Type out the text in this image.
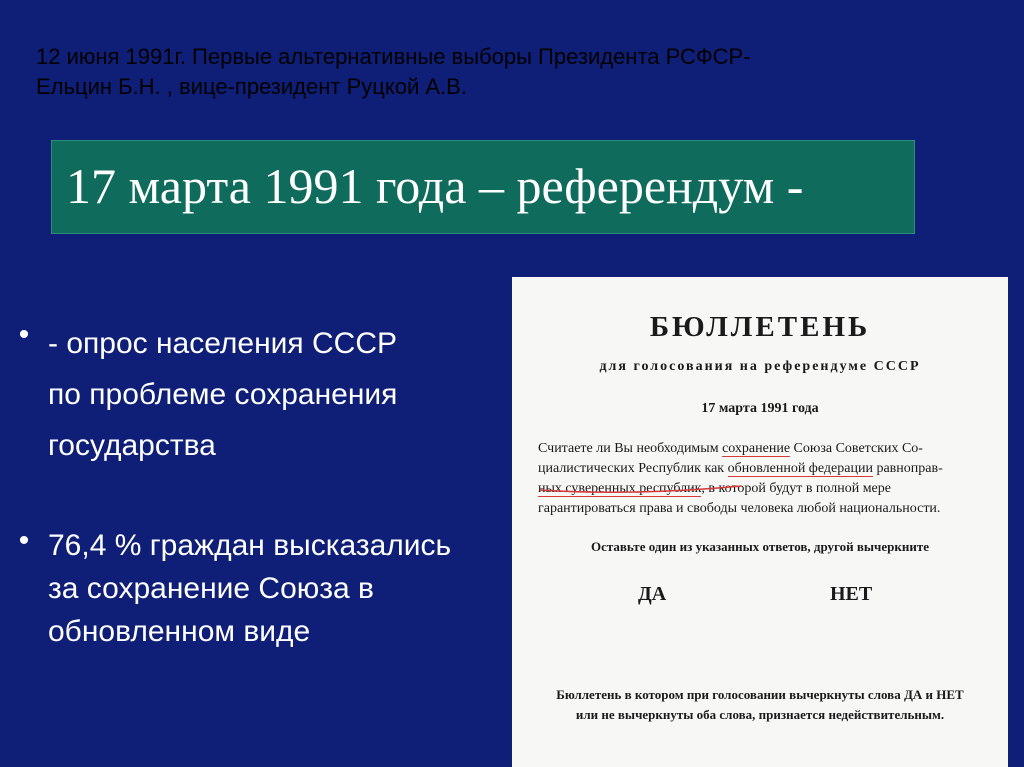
12 июня 1991г. Первые альтернативные выборы Президента РСФСР-
Ельцин Б.Н. , вице-президент Руцкой А.В.
17 марта 1991 года – референдум -
• - опрос населения СССР
по проблеме сохранения
государства
• 76,4 % граждан высказались
за сохранение Союза в
обновленном виде
БЮЛЛЕТЕНЬ
для голосования на референдуме СССР
17 марта 1991 года
Считаете ли Вы необходимым сохранение Союза Советских Со-
циалистических Республик как обновленной федерации равноправ-
ных суверенных республик, в которой будут в полной мере
гарантироваться права и свободы человека любой национальности.
Оставьте один из указанных ответов, другой вычеркните
ДА	НЕТ
Бюллетень в котором при голосовании вычеркнуты слова ДА и НЕТ
или не вычеркнуты оба слова, признается недействительным.
